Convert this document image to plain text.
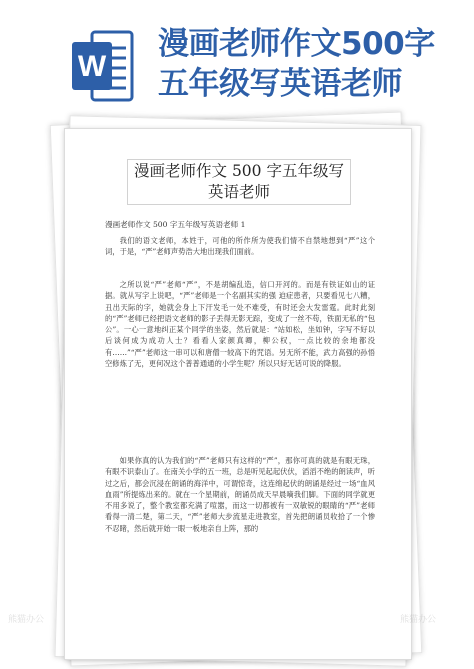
W
漫画老师作文500字五年级写英语老师
漫画老师作文 500 字五年级写英语老师
漫画老师作文 500 字五年级写英语老师 1

我们的语文老师，本姓于，可他的所作所为使我们情不自禁地想到“严”这个词，于是，“严”老师声势浩大地出现我们面前。

之所以说“严”老师“严”，不是胡编乱造，信口开河的。而是有铁证如山的证据。就从写字上说吧，“严”老师是一个名副其实的强 迫症患者，只要看见七八糟，丑出天际的字，她就会身上下汗发毛一处不难受，有时还会大发雷霆。此时此刻的“严”老师已经把语文老师的影子丢得无影无踪，变成了一丝不苟，铁面无私的“包公”。一心一意地纠正某个同学的坐姿，然后就是：“站如松，坐如钟，字写不好以后谈何成为成功人士？看看人家颜真卿，柳公权，一点比较的余地都没有……”“严”老师这一串可以和唐僧一较高下的咒语。另无所不能，武力高强的孙悟空修炼了无，更何况这个普普通通的小学生呢？所以只好无话可说的降服。

如果你真的认为我们的“严”老师只有这样的“严”，那你可真的就是有眼无珠，有眼不识泰山了。在南关小学的五一班，总是听见起起伏伏，滔滔不绝的朗读声，听过之后，都会沉浸在朗诵的海洋中，可谓惊奇，这连绵起伏的朗诵是经过一场“血风血雨”所提炼出来的。就在一个星期前，朗诵员成天早晨嘀我们脚。下面的同学就更不用多说了，整个教室都充满了喧嚣，而这一切都被有一双敏锐的眼睛的“严”老师看得一清二楚，第二天，“严”老师大步流星走进教室，首先把朗诵员收拾了一个惨不忍睹，然后就开始一眼一板地亲自上阵，那的

熊猫办公	熊猫办公
